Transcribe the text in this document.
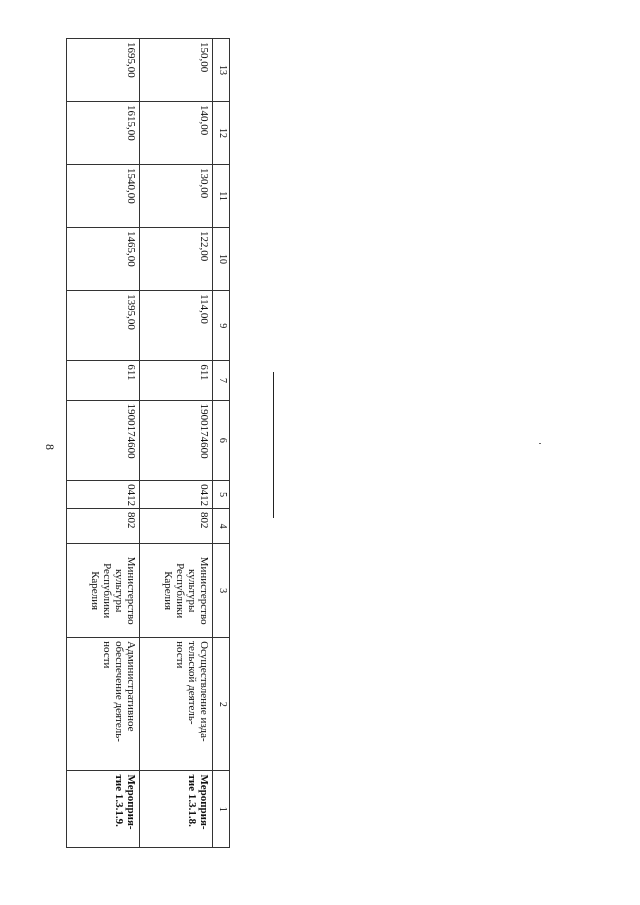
8
13	12	11	10	9	7	6	5	4	3	2	1
150,00	140,00	130,00	122,00	114,00	611	1900174600	0412	802	Министерство
культуры
Республики
Карелия	Осуществление изда-
тельской деятель-
ности	Мероприя-
тие 1.3.1.8.
1695,00	1615,00	1540,00	1465,00	1395,00	611	1900174600	0412	802	Министерство
культуры
Республики
Карелия	Административное
обеспечение деятель-
ности	Мероприя-
тие 1.3.1.9.
